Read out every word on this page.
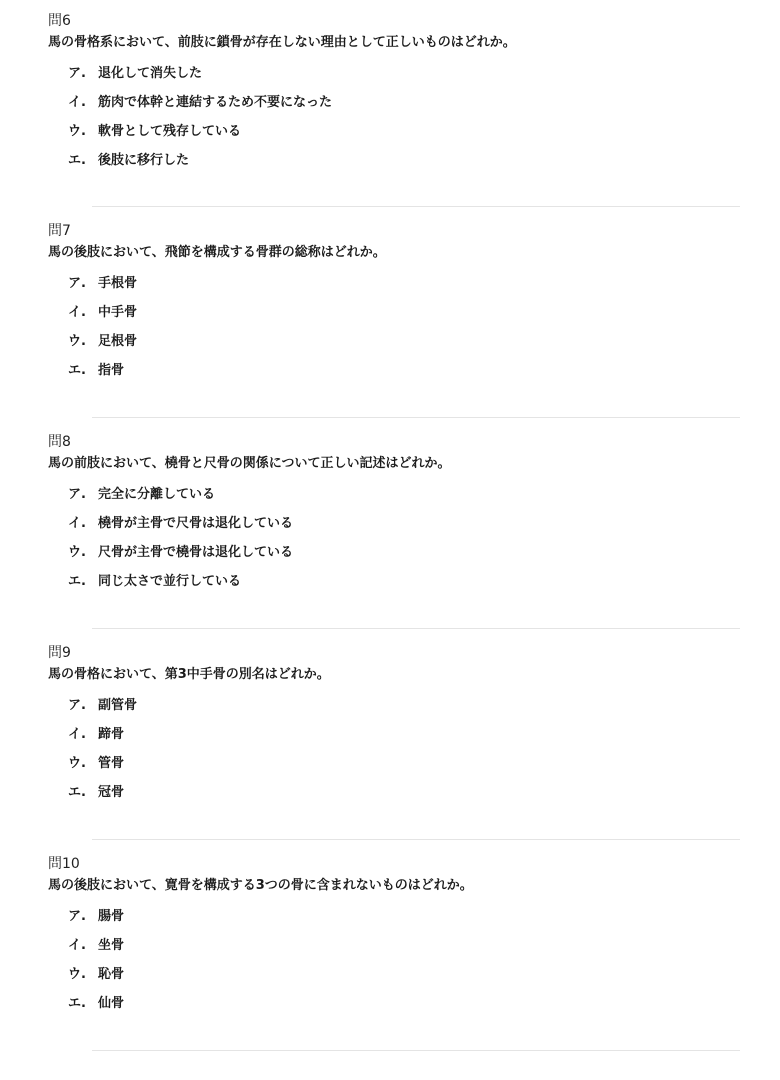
問6

馬の骨格系において、前肢に鎖骨が存在しない理由として正しいものはどれか。

ア. 退化して消失した
イ. 筋肉で体幹と連結するため不要になった
ウ. 軟骨として残存している
エ. 後肢に移行した
問7

馬の後肢において、飛節を構成する骨群の総称はどれか。

ア. 手根骨
イ. 中手骨
ウ. 足根骨
エ. 指骨
問8

馬の前肢において、橈骨と尺骨の関係について正しい記述はどれか。

ア. 完全に分離している
イ. 橈骨が主骨で尺骨は退化している
ウ. 尺骨が主骨で橈骨は退化している
エ. 同じ太さで並行している
問9

馬の骨格において、第3中手骨の別名はどれか。

ア. 副管骨
イ. 蹄骨
ウ. 管骨
エ. 冠骨
問10

馬の後肢において、寛骨を構成する3つの骨に含まれないものはどれか。

ア. 腸骨
イ. 坐骨
ウ. 恥骨
エ. 仙骨
